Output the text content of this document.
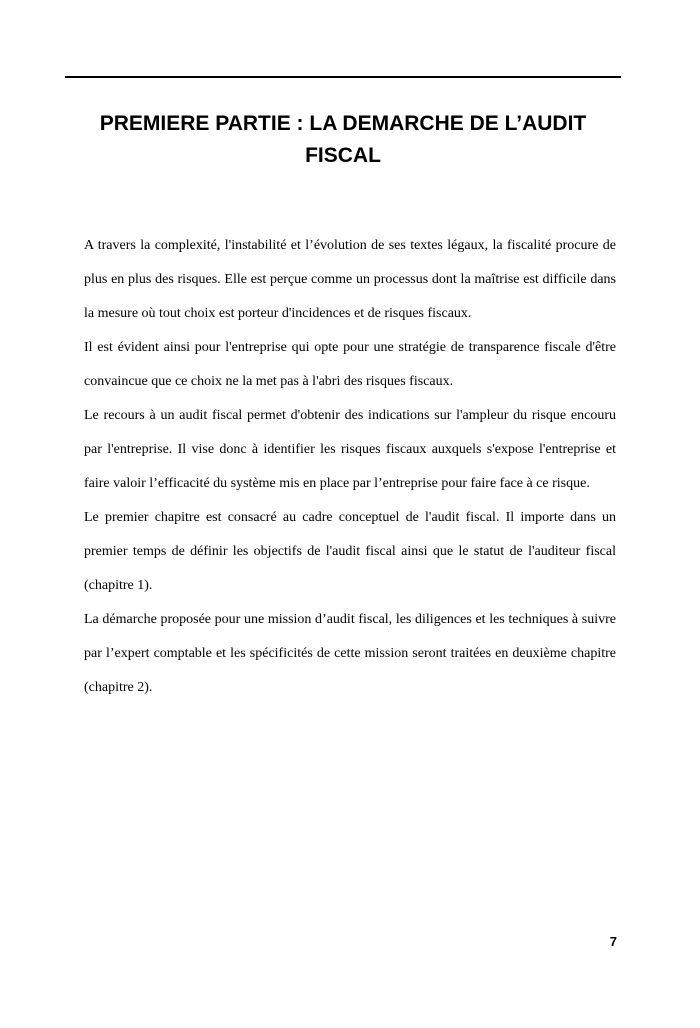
PREMIERE PARTIE : LA DEMARCHE DE L’AUDIT
FISCAL

A travers la complexité, l'instabilité et l’évolution de ses textes légaux, la fiscalité procure de plus en plus des risques. Elle est perçue comme un processus dont la maîtrise est difficile dans la mesure où tout choix est porteur d'incidences et de risques fiscaux.

Il est évident ainsi pour l'entreprise qui opte pour une stratégie de transparence fiscale d'être convaincue que ce choix ne la met pas à l'abri des risques fiscaux.

Le recours à un audit fiscal permet d'obtenir des indications sur l'ampleur du risque encouru par l'entreprise. Il vise donc à identifier les risques fiscaux auxquels s'expose l'entreprise et faire valoir l’efficacité du système mis en place par l’entreprise pour faire face à ce risque.

Le premier chapitre est consacré au cadre conceptuel de l'audit fiscal. Il importe dans un premier temps de définir les objectifs de l'audit fiscal ainsi que le statut de l'auditeur fiscal (chapitre 1).

La démarche proposée pour une mission d’audit fiscal, les diligences et les techniques à suivre par l’expert comptable et les spécificités de cette mission seront traitées en deuxième chapitre (chapitre 2).

7
